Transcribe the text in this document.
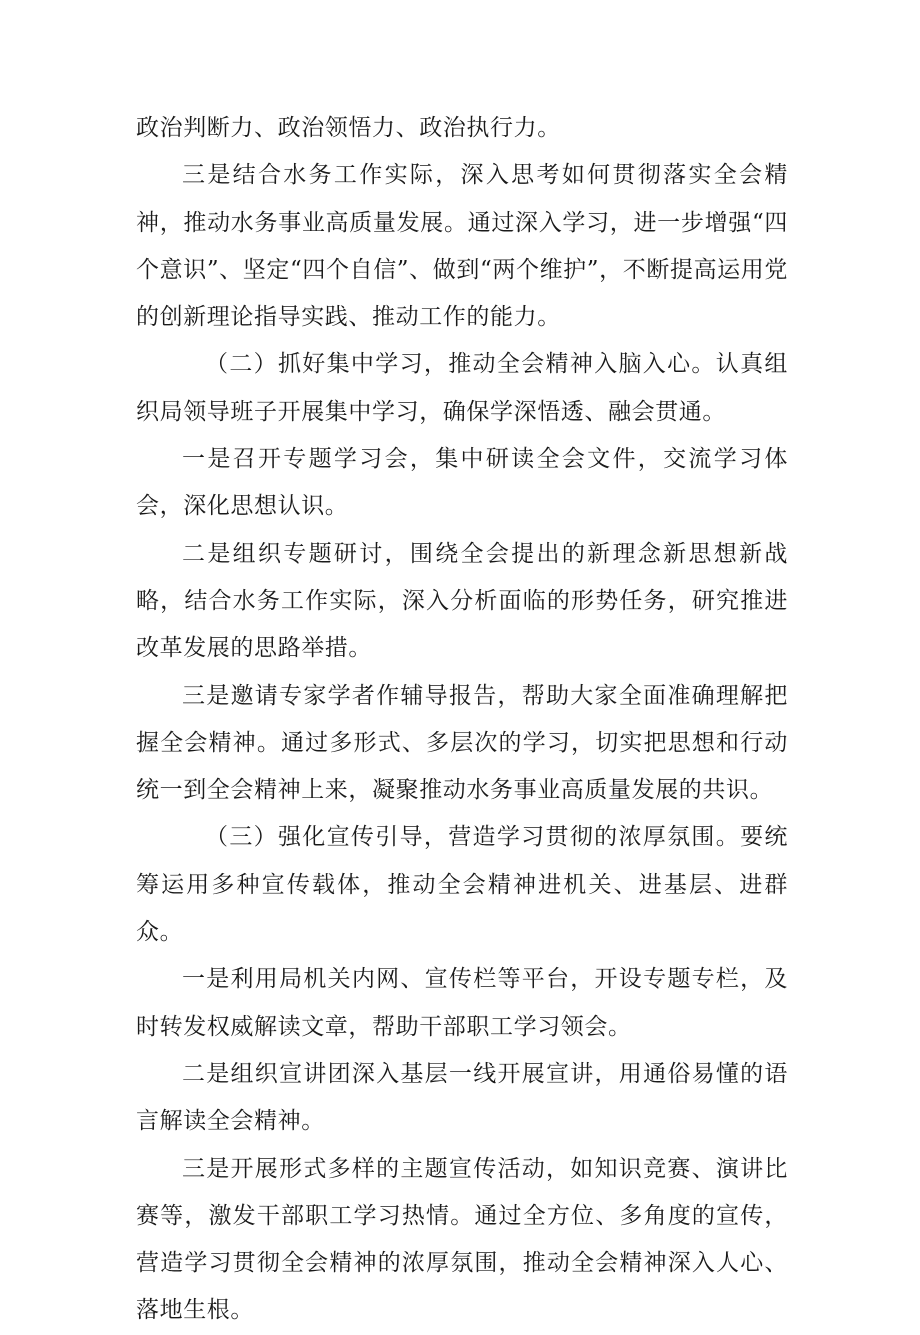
政治判断力、政治领悟力、政治执行力。

三是结合水务工作实际，深入思考如何贯彻落实全会精神，推动水务事业高质量发展。通过深入学习，进一步增强“四个意识”、坚定“四个自信”、做到“两个维护”，不断提高运用党的创新理论指导实践、推动工作的能力。

（二）抓好集中学习，推动全会精神入脑入心。认真组织局领导班子开展集中学习，确保学深悟透、融会贯通。

一是召开专题学习会，集中研读全会文件，交流学习体会，深化思想认识。

二是组织专题研讨，围绕全会提出的新理念新思想新战略，结合水务工作实际，深入分析面临的形势任务，研究推进改革发展的思路举措。

三是邀请专家学者作辅导报告，帮助大家全面准确理解把握全会精神。通过多形式、多层次的学习，切实把思想和行动统一到全会精神上来，凝聚推动水务事业高质量发展的共识。

（三）强化宣传引导，营造学习贯彻的浓厚氛围。要统筹运用多种宣传载体，推动全会精神进机关、进基层、进群众。

一是利用局机关内网、宣传栏等平台，开设专题专栏，及时转发权威解读文章，帮助干部职工学习领会。

二是组织宣讲团深入基层一线开展宣讲，用通俗易懂的语言解读全会精神。

三是开展形式多样的主题宣传活动，如知识竞赛、演讲比赛等，激发干部职工学习热情。通过全方位、多角度的宣传，营造学习贯彻全会精神的浓厚氛围，推动全会精神深入人心、落地生根。
